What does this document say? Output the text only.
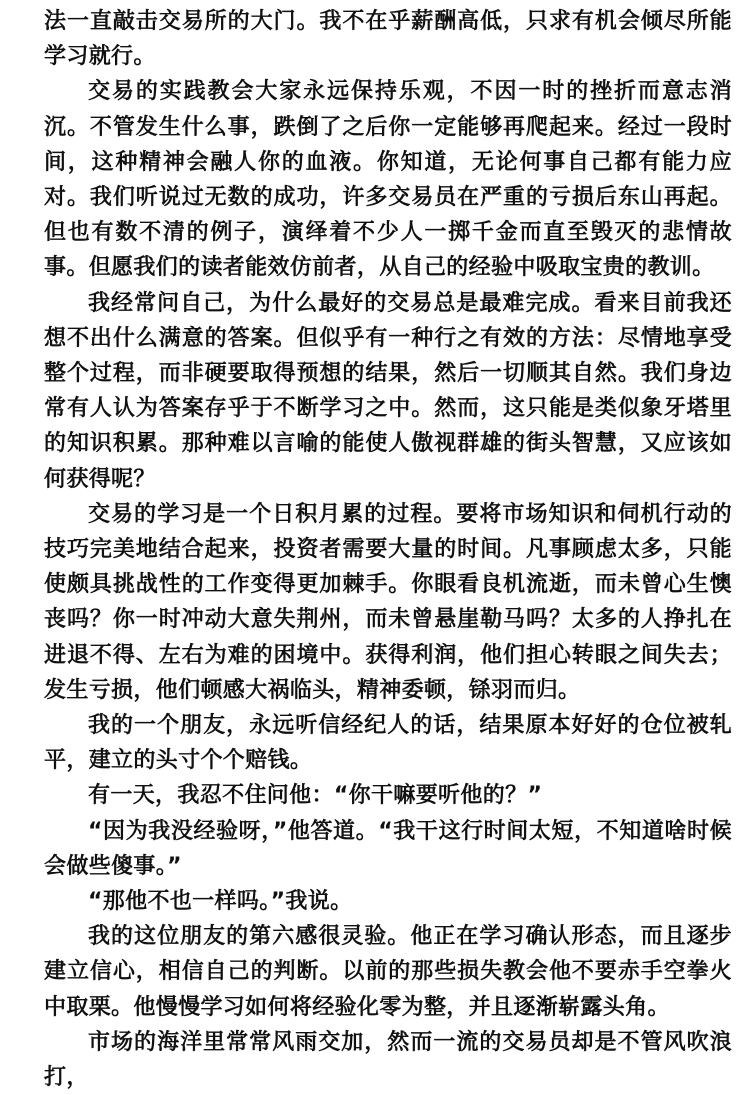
法一直敲击交易所的大门。我不在乎薪酬高低，只求有机会倾尽所能学习就行。

交易的实践教会大家永远保持乐观，不因一时的挫折而意志消沉。不管发生什么事，跌倒了之后你一定能够再爬起来。经过一段时间，这种精神会融人你的血液。你知道，无论何事自己都有能力应对。我们听说过无数的成功，许多交易员在严重的亏损后东山再起。但也有数不清的例子，演绎着不少人一掷千金而直至毁灭的悲情故事。但愿我们的读者能效仿前者，从自己的经验中吸取宝贵的教训。

我经常问自己，为什么最好的交易总是最难完成。看来目前我还想不出什么满意的答案。但似乎有一种行之有效的方法：尽情地享受整个过程，而非硬要取得预想的结果，然后一切顺其自然。我们身边常有人认为答案存乎于不断学习之中。然而，这只能是类似象牙塔里的知识积累。那种难以言喻的能使人傲视群雄的街头智慧，又应该如何获得呢？

交易的学习是一个日积月累的过程。要将市场知识和伺机行动的技巧完美地结合起来，投资者需要大量的时间。凡事顾虑太多，只能使颇具挑战性的工作变得更加棘手。你眼看良机流逝，而未曾心生懊丧吗？你一时冲动大意失荆州，而未曾悬崖勒马吗？太多的人挣扎在进退不得、左右为难的困境中。获得利润，他们担心转眼之间失去；发生亏损，他们顿感大祸临头，精神委顿，铩羽而归。

我的一个朋友，永远听信经纪人的话，结果原本好好的仓位被轧平，建立的头寸个个赔钱。

有一天，我忍不住问他：“你干嘛要听他的？”

“因为我没经验呀，”他答道。“我干这行时间太短，不知道啥时候会做些傻事。”

“那他不也一样吗。”我说。

我的这位朋友的第六感很灵验。他正在学习确认形态，而且逐步建立信心，相信自己的判断。以前的那些损失教会他不要赤手空拳火中取栗。他慢慢学习如何将经验化零为整，并且逐渐崭露头角。

市场的海洋里常常风雨交加，然而一流的交易员却是不管风吹浪打，
